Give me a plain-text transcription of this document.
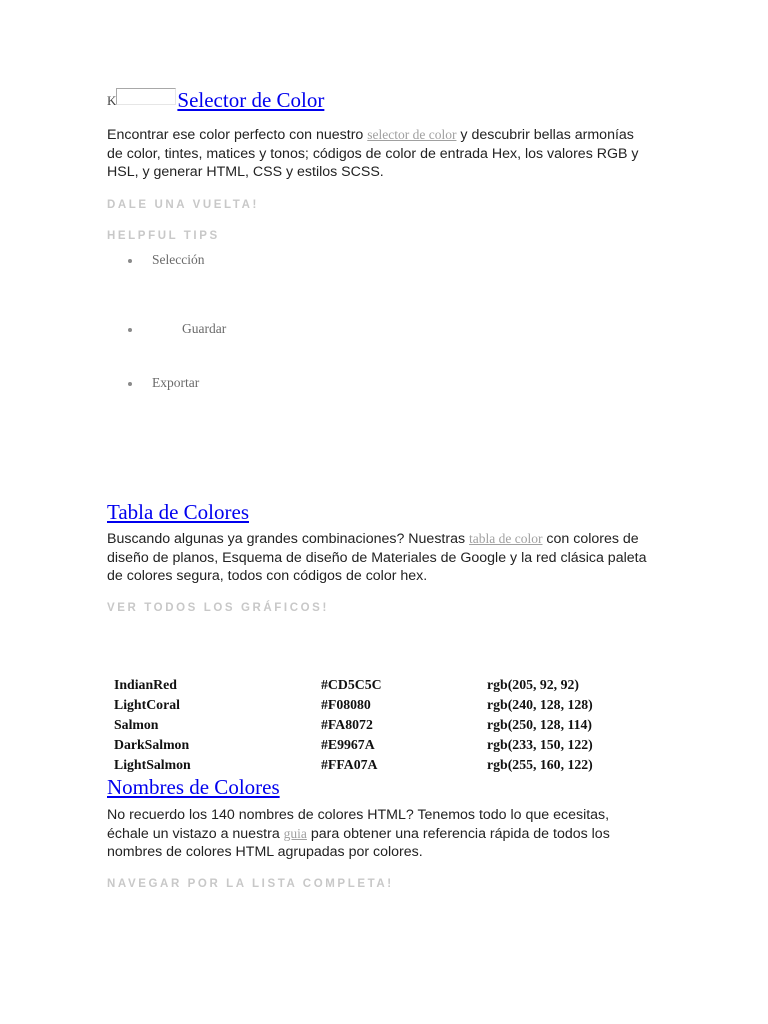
$^K$	Selector de Color

Encontrar ese color perfecto con nuestro selector de color y descubrir bellas armonías de color, tintes, matices y tonos; códigos de color de entrada Hex, los valores RGB y HSL, y generar HTML, CSS y estilos SCSS.

DALE UNA VUELTA!
HELPFUL TIPS
Selección
Guardar
Exportar
Tabla de Colores

Buscando algunas ya grandes combinaciones? Nuestras tabla de color con colores de diseño de planos, Esquema de diseño de Materiales de Google y la red clásica paleta de colores segura, todos con códigos de color hex.

VER TODOS LOS GRÁFICOS!
IndianRed	#CD5C5C	rgb(205, 92, 92)
LightCoral	#F08080	rgb(240, 128, 128)
Salmon	#FA8072	rgb(250, 128, 114)
DarkSalmon	#E9967A	rgb(233, 150, 122)
LightSalmon	#FFA07A	rgb(255, 160, 122)
Nombres de Colores

No recuerdo los 140 nombres de colores HTML? Tenemos todo lo que ecesitas, échale un vistazo a nuestra guia para obtener una referencia rápida de todos los nombres de colores HTML agrupadas por colores.

NAVEGAR POR LA LISTA COMPLETA!
